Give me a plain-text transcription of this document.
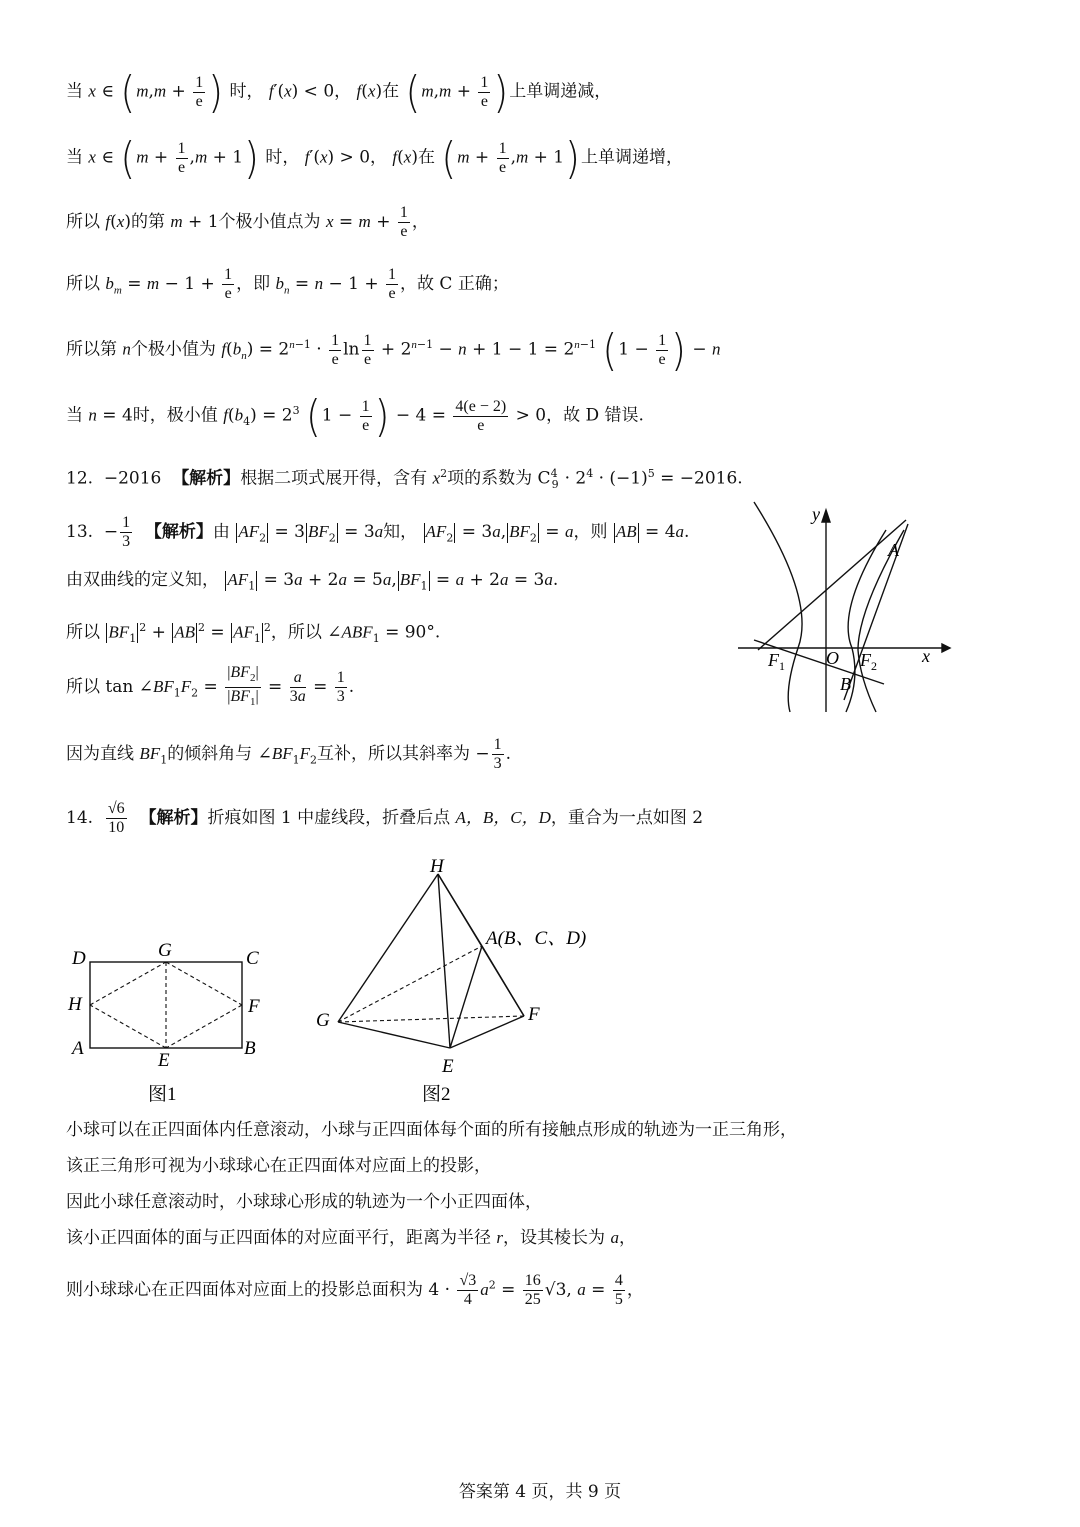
当 x ∈ ($m,m + \frac{1}{e}$ ) 时， f′(x) < 0， f(x)在 ($m,m + \frac{1}{e}$ )上单调递减，
当 x ∈ $(m + \frac{1}{e} ,m + 1)$ 时， f′(x) > 0， f(x)在 $(m + \frac{1}{e} ,m + 1)$上单调递增，
所以 f(x)的第 m + 1个极小值点为 $x = m + \frac{1}{e}$ ，
所以 $b_m = m - 1 + \frac{1}{e}$ ，即 $b_n = n - 1 + \frac{1}{e}$ ，故 C 正确；
所以第 n个极小值为 $f(b_n) = 2^{n-1} \cdot \frac{1}{e}$ $\ln \frac{1}{e} + 2^{n-1} - n + 1 - 1 = 2^{n-1}$ ($1 - \frac{1}{e}$ ) − n
当 n = 4时，极小值 $f(b_4) = 2^3$ ($1 - \frac{1}{e}$ ) − $4 = \frac{4(e - 2)}{e} > 0$，故 D 错误.
12. −2016 【解析】根据二项式展开得，含有 $x^2$项的系数为 $C^4_9 \cdot 2^4 \cdot (-1)^5 = -2016$.
13.  − $\frac{1}{3}$ 【解析】由 $AF_2 = 3$ $BF_2 = 3a$知， $AF_2 = 3a$, $BF_2 = a$，则 AB = 4a.
由双曲线的定义知， $AF_1 = 3a + 2a = 5a$, $BF_1 = a + 2a = 3a$.
所以 $BF_1^2$ + AB $^2 = AF_1^2$，所以 $\angle ABF_1 = 90^\circ$.
所以 $\tan \angle BF_1F_2 = \frac{|BF_2|}{|BF_1|} = \frac{a}{3a} = \frac{1}{3}$ .
因为直线 $BF_1$的倾斜角与 $\angle BF_1F_2$互补，所以其斜率为 − $\frac{1}{3}$ .
y
A
O
$F_1$	$F_2$	x
B
14. $\frac{√6}{10}$ 【解析】折痕如图 1 中虚线段，折叠后点 A，B，C，D，重合为一点如图 2
D	G	C
H	F
A
E
B
图1
H
A(B、C、D)
G	F
E
图2
小球可以在正四面体内任意滚动，小球与正四面体每个面的所有接触点形成的轨迹为一正三角形，
该正三角形可视为小球球心在正四面体对应面上的投影，
因此小球任意滚动时，小球球心形成的轨迹为一个小正四面体，
该小正四面体的面与正四面体的对应面平行，距离为半径 r，设其棱长为 a，
则小球球心在正四面体对应面上的投影总面积为 $4 \cdot \frac{√3}{4} a^2 = \frac{16}{25} √3$, $a = \frac{4}{5}$ ，
答案第 4 页，共 9 页
